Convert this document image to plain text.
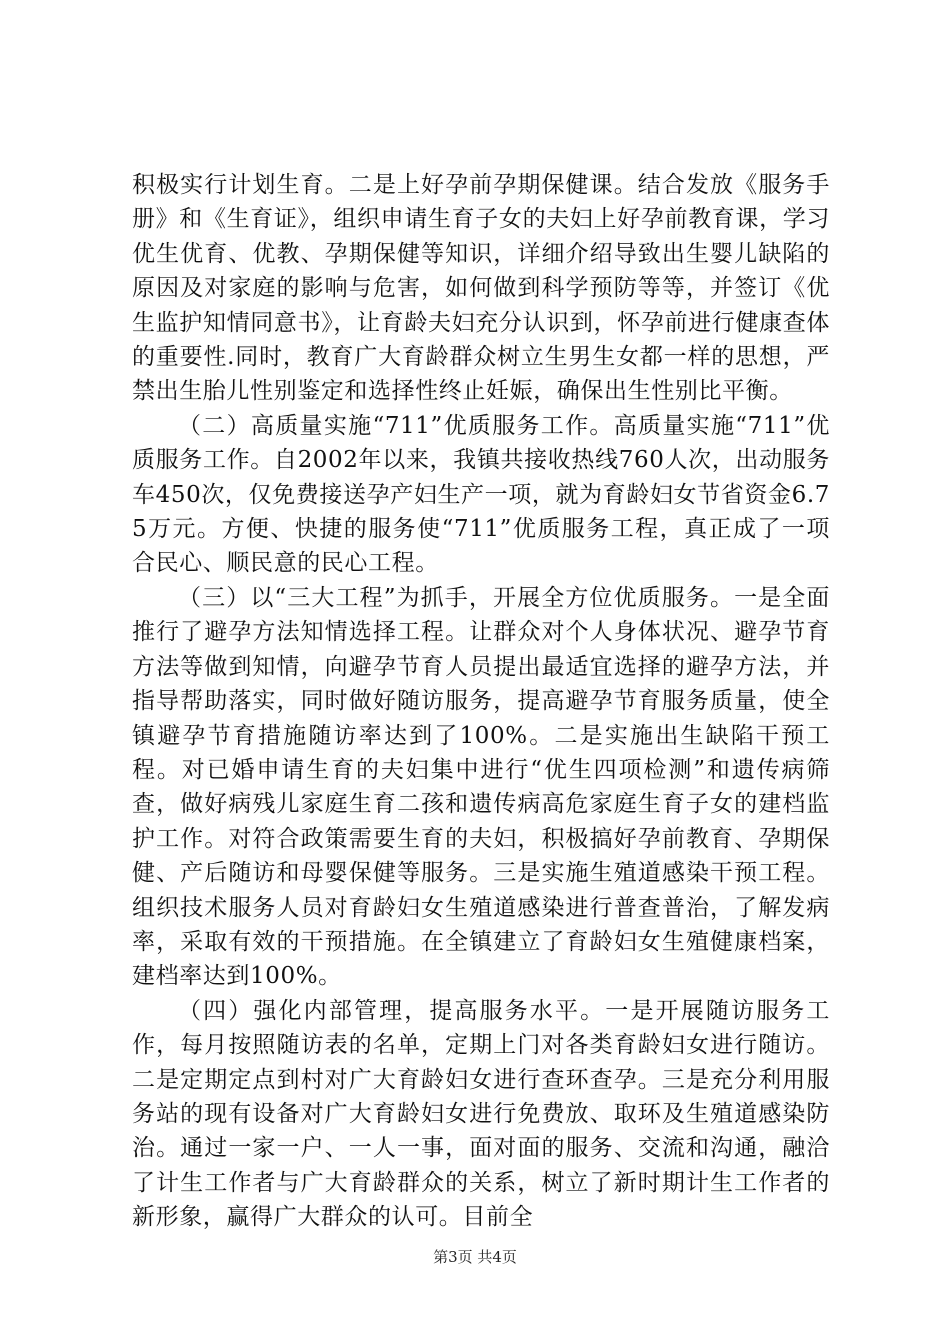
积极实行计划生育。二是上好孕前孕期保健课。结合发放《服务手册》和《生育证》，组织申请生育子女的夫妇上好孕前教育课，学习优生优育、优教、孕期保健等知识，详细介绍导致出生婴儿缺陷的原因及对家庭的影响与危害，如何做到科学预防等等，并签订《优生监护知情同意书》，让育龄夫妇充分认识到，怀孕前进行健康查体的重要性.同时，教育广大育龄群众树立生男生女都一样的思想，严禁出生胎儿性别鉴定和选择性终止妊娠，确保出生性别比平衡。

（二）高质量实施“711”优质服务工作。高质量实施“711”优质服务工作。自2002年以来，我镇共接收热线760人次，出动服务车450次，仅免费接送孕产妇生产一项，就为育龄妇女节省资金6.75万元。方便、快捷的服务使“711”优质服务工程，真正成了一项合民心、顺民意的民心工程。

（三）以“三大工程”为抓手，开展全方位优质服务。一是全面推行了避孕方法知情选择工程。让群众对个人身体状况、避孕节育方法等做到知情，向避孕节育人员提出最适宜选择的避孕方法，并指导帮助落实，同时做好随访服务，提高避孕节育服务质量，使全镇避孕节育措施随访率达到了100%。二是实施出生缺陷干预工程。对已婚申请生育的夫妇集中进行“优生四项检测”和遗传病筛查，做好病残儿家庭生育二孩和遗传病高危家庭生育子女的建档监护工作。对符合政策需要生育的夫妇，积极搞好孕前教育、孕期保健、产后随访和母婴保健等服务。三是实施生殖道感染干预工程。组织技术服务人员对育龄妇女生殖道感染进行普查普治，了解发病率，采取有效的干预措施。在全镇建立了育龄妇女生殖健康档案，建档率达到100%。

（四）强化内部管理，提高服务水平。一是开展随访服务工作，每月按照随访表的名单，定期上门对各类育龄妇女进行随访。二是定期定点到村对广大育龄妇女进行查环查孕。三是充分利用服务站的现有设备对广大育龄妇女进行免费放、取环及生殖道感染防治。通过一家一户、一人一事，面对面的服务、交流和沟通，融洽了计生工作者与广大育龄群众的关系，树立了新时期计生工作者的新形象，赢得广大群众的认可。目前全

第3页 共4页
